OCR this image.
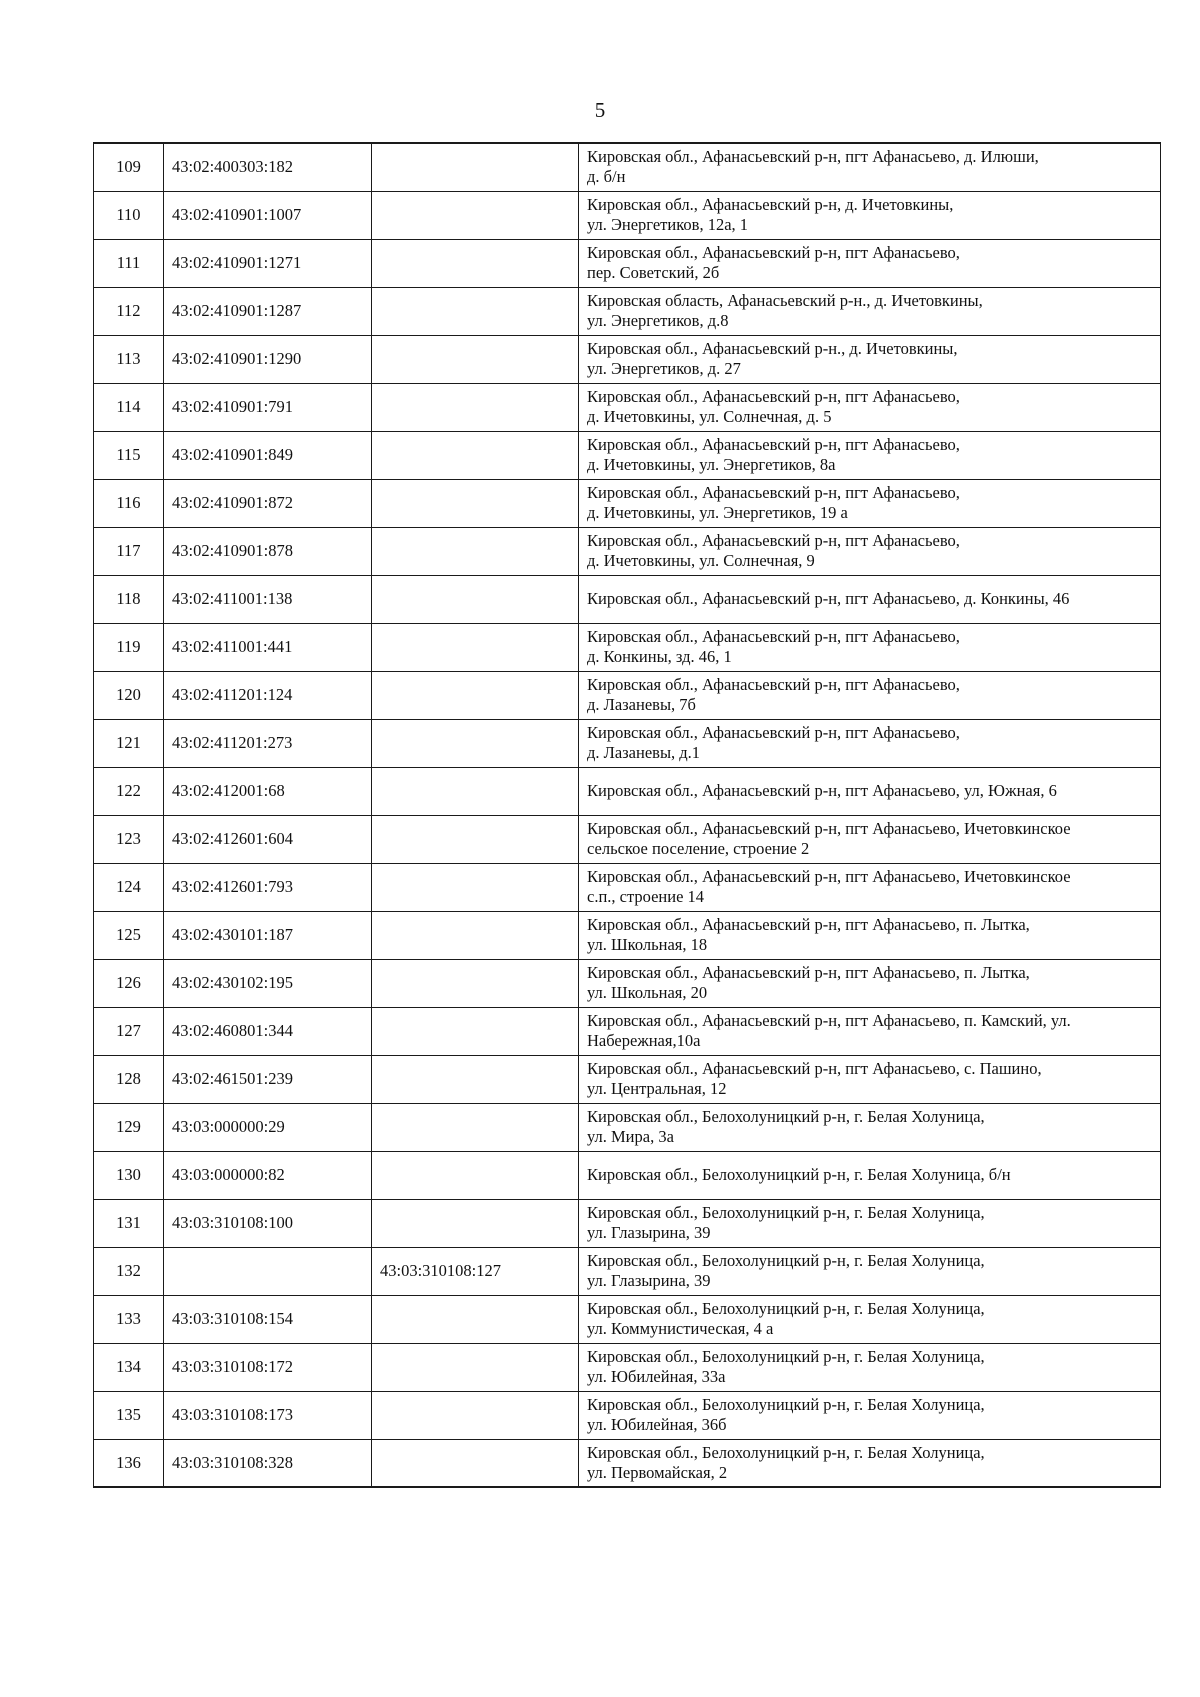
5
109	43:02:400303:182		Кировская обл., Афанасьевский р-н, пгт Афанасьево, д. Илюши,
д. б/н

110	43:02:410901:1007		Кировская обл., Афанасьевский р-н, д. Ичетовкины,
ул. Энергетиков, 12а, 1

111	43:02:410901:1271		Кировская обл., Афанасьевский р-н, пгт Афанасьево,
пер. Советский, 2б

112	43:02:410901:1287		Кировская область, Афанасьевский р-н., д. Ичетовкины,
ул. Энергетиков, д.8

113	43:02:410901:1290		Кировская обл., Афанасьевский р-н., д. Ичетовкины,
ул. Энергетиков, д. 27

114	43:02:410901:791		Кировская обл., Афанасьевский р-н, пгт Афанасьево,
д. Ичетовкины, ул. Солнечная, д. 5

115	43:02:410901:849		Кировская обл., Афанасьевский р-н, пгт Афанасьево,
д. Ичетовкины, ул. Энергетиков, 8а

116	43:02:410901:872		Кировская обл., Афанасьевский р-н, пгт Афанасьево,
д. Ичетовкины, ул. Энергетиков, 19 а

117	43:02:410901:878		Кировская обл., Афанасьевский р-н, пгт Афанасьево,
д. Ичетовкины, ул. Солнечная, 9

118	43:02:411001:138		Кировская обл., Афанасьевский р-н, пгт Афанасьево, д. Конкины, 46

119	43:02:411001:441		Кировская обл., Афанасьевский р-н, пгт Афанасьево,
д. Конкины, зд. 46, 1

120	43:02:411201:124		Кировская обл., Афанасьевский р-н, пгт Афанасьево,
д. Лазаневы, 7б

121	43:02:411201:273		Кировская обл., Афанасьевский р-н, пгт Афанасьево,
д. Лазаневы, д.1

122	43:02:412001:68		Кировская обл., Афанасьевский р-н, пгт Афанасьево, ул, Южная, 6

123	43:02:412601:604		Кировская обл., Афанасьевский р-н, пгт Афанасьево, Ичетовкинское
сельское поселение, строение 2

124	43:02:412601:793		Кировская обл., Афанасьевский р-н, пгт Афанасьево, Ичетовкинское
с.п., строение 14

125	43:02:430101:187		Кировская обл., Афанасьевский р-н, пгт Афанасьево, п. Лытка,
ул. Школьная, 18

126	43:02:430102:195		Кировская обл., Афанасьевский р-н, пгт Афанасьево, п. Лытка,
ул. Школьная, 20

127	43:02:460801:344		Кировская обл., Афанасьевский р-н, пгт Афанасьево, п. Камский, ул.
Набережная,10а

128	43:02:461501:239		Кировская обл., Афанасьевский р-н, пгт Афанасьево, с. Пашино,
ул. Центральная, 12

129	43:03:000000:29		Кировская обл., Белохолуницкий р-н, г. Белая Холуница,
ул. Мира, 3а

130	43:03:000000:82		Кировская обл., Белохолуницкий р-н, г. Белая Холуница, б/н

131	43:03:310108:100		Кировская обл., Белохолуницкий р-н, г. Белая Холуница,
ул. Глазырина, 39

132		43:03:310108:127	Кировская обл., Белохолуницкий р-н, г. Белая Холуница,
ул. Глазырина, 39

133	43:03:310108:154		Кировская обл., Белохолуницкий р-н, г. Белая Холуница,
ул. Коммунистическая, 4 а

134	43:03:310108:172		Кировская обл., Белохолуницкий р-н, г. Белая Холуница,
ул. Юбилейная, 33а

135	43:03:310108:173		Кировская обл., Белохолуницкий р-н, г. Белая Холуница,
ул. Юбилейная, 36б

136	43:03:310108:328		Кировская обл., Белохолуницкий р-н, г. Белая Холуница,
ул. Первомайская, 2
